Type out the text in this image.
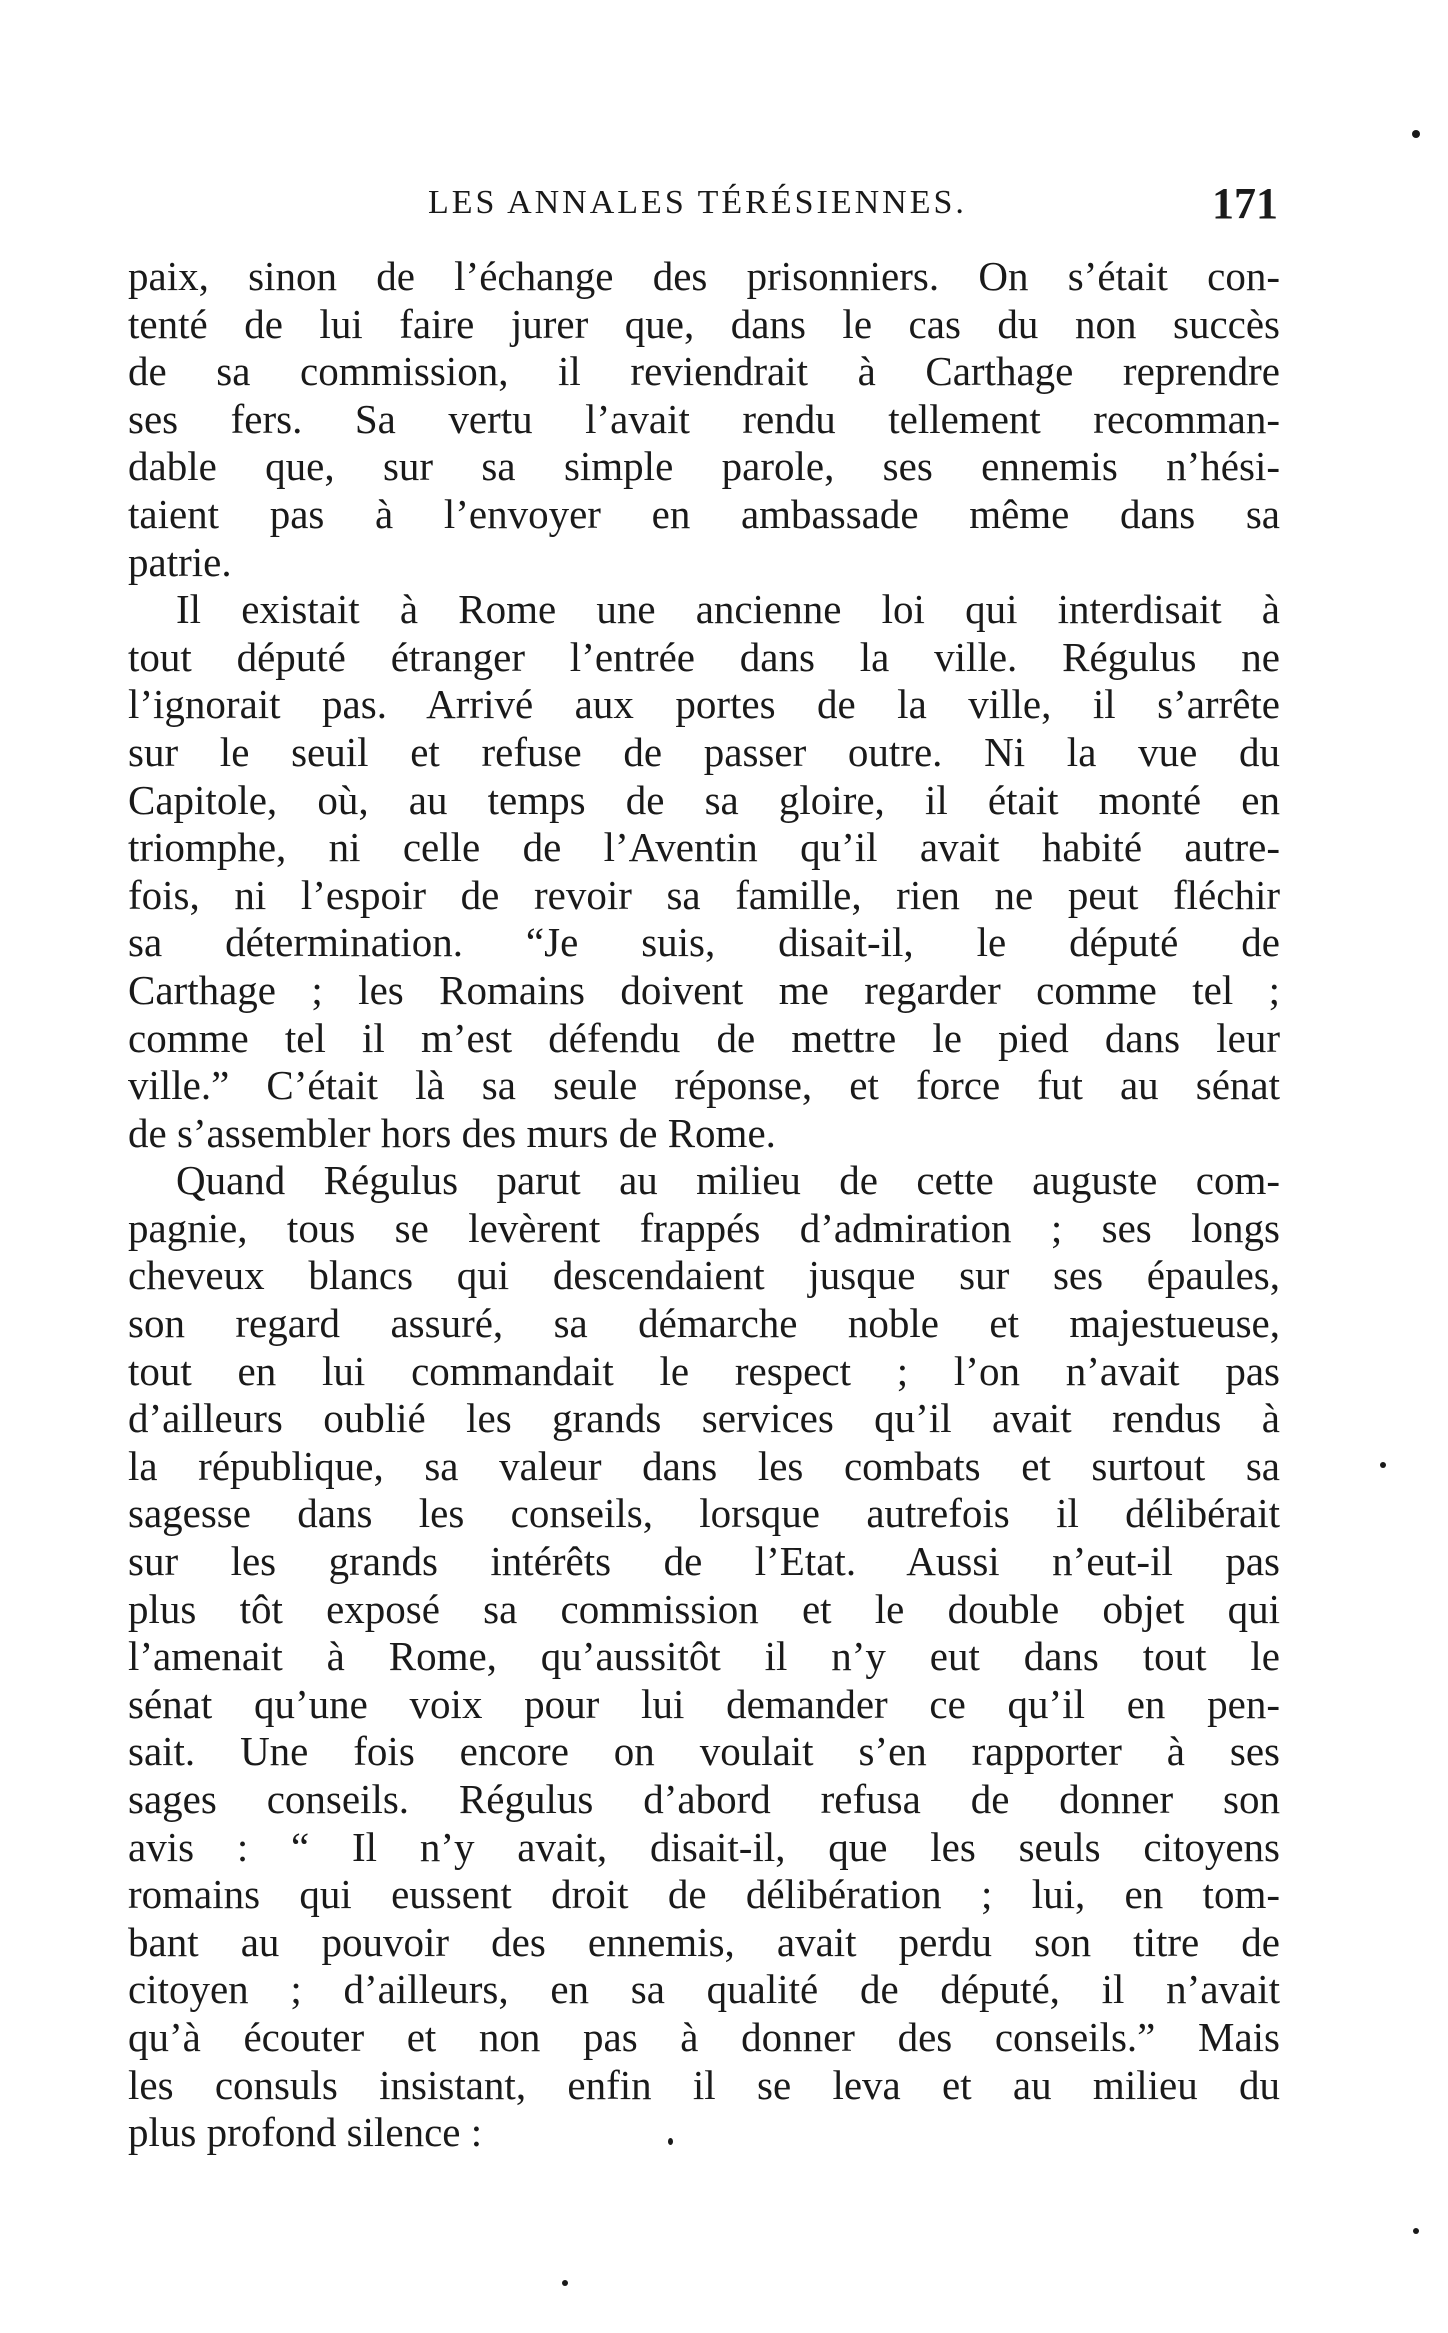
LES ANNALES TÉRÉSIENNES.	171
paix, sinon de l’échange des prisonniers. On s’était con-
tenté de lui faire jurer que, dans le cas du non succès
de sa commission, il reviendrait à Carthage reprendre
ses fers. Sa vertu l’avait rendu tellement recomman-
dable que, sur sa simple parole, ses ennemis n’hési-
taient pas à l’envoyer en ambassade même dans sa
patrie.
Il existait à Rome une ancienne loi qui interdisait à
tout député étranger l’entrée dans la ville. Régulus ne
l’ignorait pas. Arrivé aux portes de la ville, il s’arrête
sur le seuil et refuse de passer outre. Ni la vue du
Capitole, où, au temps de sa gloire, il était monté en
triomphe, ni celle de l’Aventin qu’il avait habité autre-
fois, ni l’espoir de revoir sa famille, rien ne peut fléchir
sa détermination. “Je suis, disait-il, le député de
Carthage ; les Romains doivent me regarder comme tel ;
comme tel il m’est défendu de mettre le pied dans leur
ville.” C’était là sa seule réponse, et force fut au sénat
de s’assembler hors des murs de Rome.
Quand Régulus parut au milieu de cette auguste com-
pagnie, tous se levèrent frappés d’admiration ; ses longs
cheveux blancs qui descendaient jusque sur ses épaules,
son regard assuré, sa démarche noble et majestueuse,
tout en lui commandait le respect ; l’on n’avait pas
d’ailleurs oublié les grands services qu’il avait rendus à
la république, sa valeur dans les combats et surtout sa
sagesse dans les conseils, lorsque autrefois il délibérait
sur les grands intérêts de l’Etat. Aussi n’eut-il pas
plus tôt exposé sa commission et le double objet qui
l’amenait à Rome, qu’aussitôt il n’y eut dans tout le
sénat qu’une voix pour lui demander ce qu’il en pen-
sait. Une fois encore on voulait s’en rapporter à ses
sages conseils. Régulus d’abord refusa de donner son
avis : “ Il n’y avait, disait-il, que les seuls citoyens
romains qui eussent droit de délibération ; lui, en tom-
bant au pouvoir des ennemis, avait perdu son titre de
citoyen ; d’ailleurs, en sa qualité de député, il n’avait
qu’à écouter et non pas à donner des conseils.” Mais
les consuls insistant, enfin il se leva et au milieu du
plus profond silence :
